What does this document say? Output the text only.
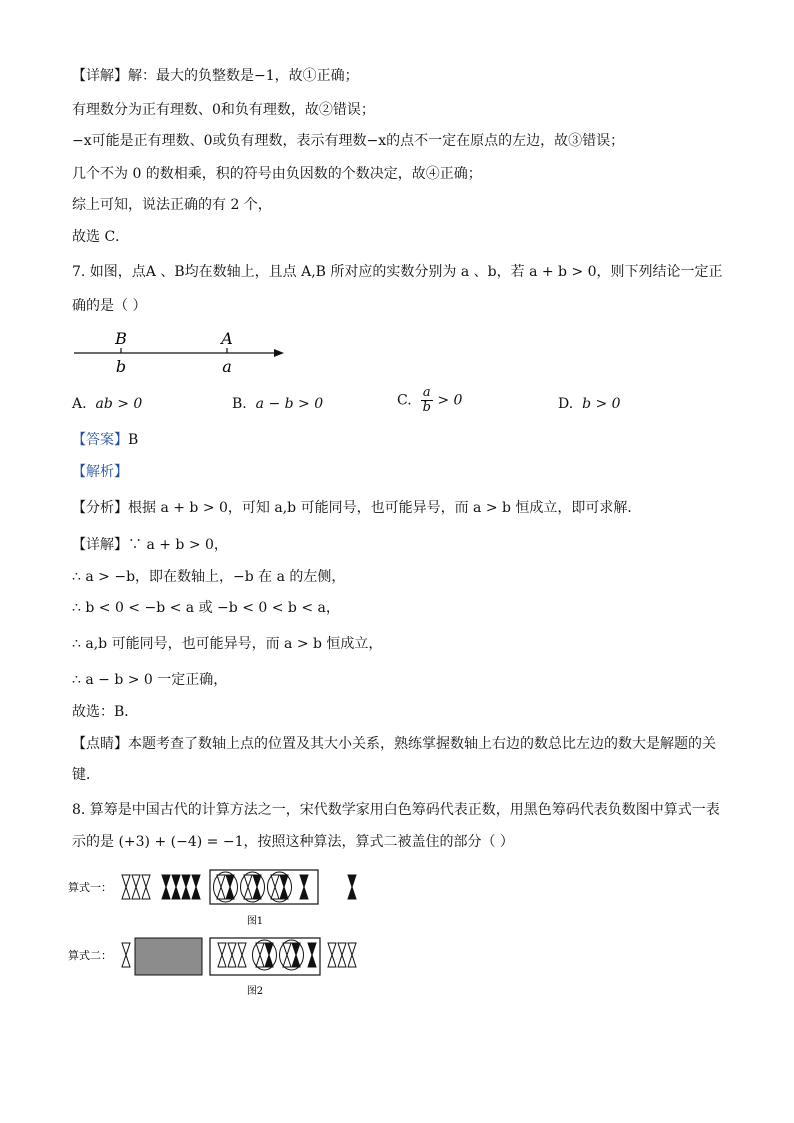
【详解】解：最大的负整数是−1，故①正确；
有理数分为正有理数、0和负有理数，故②错误；
−x可能是正有理数、0或负有理数，表示有理数−x的点不一定在原点的左边，故③错误；
几个不为 0 的数相乘，积的符号由负因数的个数决定，故④正确；
综上可知，说法正确的有 2 个，
故选 C．
7. 如图，点A 、B均在数轴上，且点 A,B 所对应的实数分别为 a 、b，若 a + b > 0，则下列结论一定正
确的是（ ）
B	A
b	a
A. ab > 0	B. a − b > 0	C. $\frac{a}{b} > 0$	D. b > 0
【答案】B
【解析】
【分析】根据 a + b > 0，可知 a,b 可能同号，也可能异号，而 a > b 恒成立，即可求解．
【详解】∵ a + b > 0，
∴ a > −b，即在数轴上，−b 在 a 的左侧，
∴ b < 0 < −b < a 或 −b < 0 < b < a，
∴ a,b 可能同号，也可能异号，而 a > b 恒成立，
∴ a − b > 0 一定正确，
故选：B．
【点睛】本题考查了数轴上点的位置及其大小关系，熟练掌握数轴上右边的数总比左边的数大是解题的关
键．
8. 算筹是中国古代的计算方法之一，宋代数学家用白色筹码代表正数，用黑色筹码代表负数图中算式一表
示的是 (+3) + (−4) = −1，按照这种算法，算式二被盖住的部分（ ）
算式一：
图1
算式二：
图2
